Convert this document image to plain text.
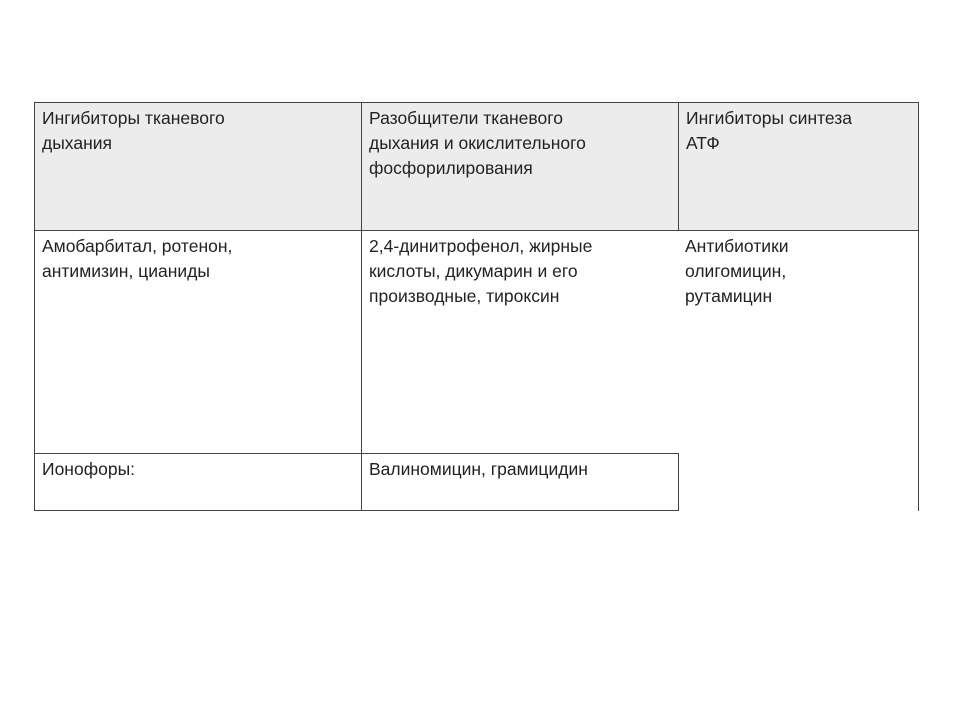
Ингибиторы тканевого
дыхания
Разобщители тканевого
дыхания и окислительного
фосфорилирования
Ингибиторы синтеза
АТФ
Амобарбитал, ротенон,
антимизин, цианиды
2,4-динитрофенол, жирные
кислоты, дикумарин и его
производные, тироксин
Антибиотики
олигомицин,
рутамицин
Ионофоры:	Валиномицин, грамицидин
